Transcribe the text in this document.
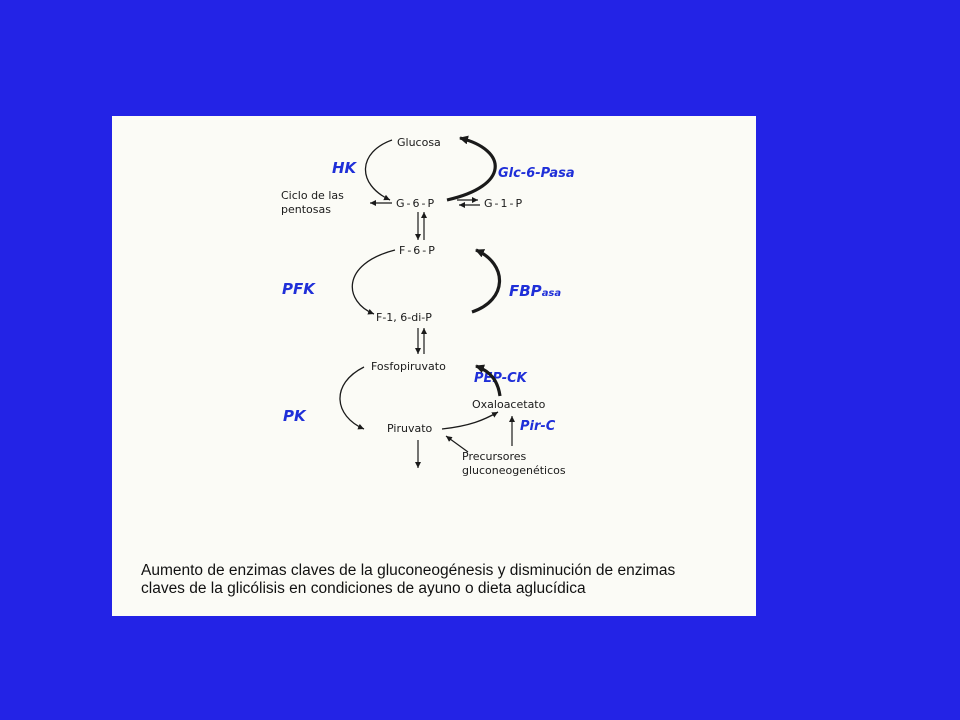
Glucosa
G-6-P	G-1-P
Ciclo de las
pentosas
F-6-P
F-1, 6-di-P
Fosfopiruvato
Oxaloacetato
Piruvato
Precursores
gluconeogenéticos
HK	Glc-6-Pasa
PFK	FBPasa
PEP-CK
PK
Pir-C
Aumento de enzimas claves de la gluconeogénesis y disminución de enzimas
claves de la glicólisis en condiciones de ayuno o dieta aglucídica
